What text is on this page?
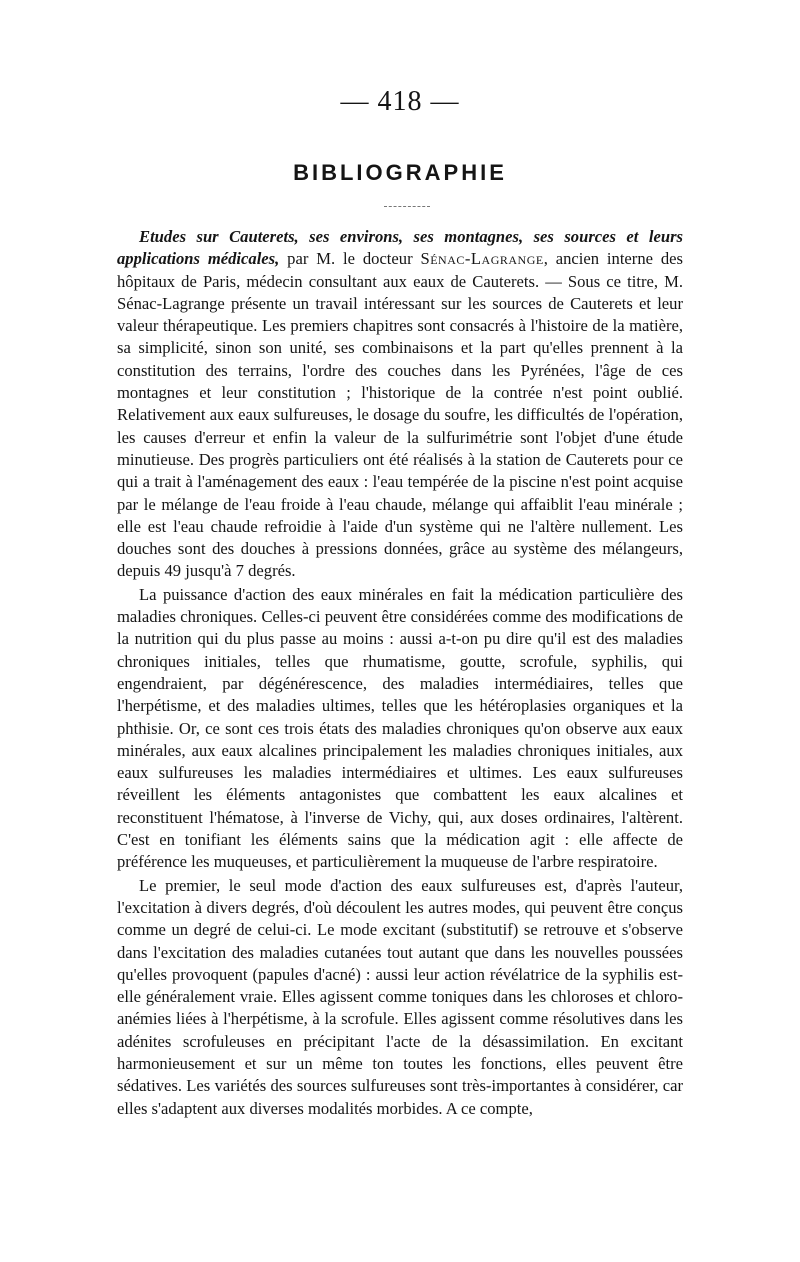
— 418 —
BIBLIOGRAPHIE

Etudes sur Cauterets, ses environs, ses montagnes, ses sources et leurs applications médicales, par M. le docteur Sénac-Lagrange, ancien interne des hôpitaux de Paris, médecin consultant aux eaux de Cauterets. — Sous ce titre, M. Sénac-Lagrange présente un travail intéressant sur les sources de Cauterets et leur valeur thérapeutique. Les premiers chapitres sont consacrés à l'histoire de la matière, sa simplicité, sinon son unité, ses combinaisons et la part qu'elles prennent à la constitution des terrains, l'ordre des couches dans les Pyrénées, l'âge de ces montagnes et leur constitution ; l'historique de la contrée n'est point oublié. Relativement aux eaux sulfureuses, le dosage du soufre, les difficultés de l'opération, les causes d'erreur et enfin la valeur de la sulfurimétrie sont l'objet d'une étude minutieuse. Des progrès particuliers ont été réalisés à la station de Cauterets pour ce qui a trait à l'aménagement des eaux : l'eau tempérée de la piscine n'est point acquise par le mélange de l'eau froide à l'eau chaude, mélange qui affaiblit l'eau minérale ; elle est l'eau chaude refroidie à l'aide d'un système qui ne l'altère nullement. Les douches sont des douches à pressions données, grâce au système des mélangeurs, depuis 49 jusqu'à 7 degrés.

La puissance d'action des eaux minérales en fait la médication particulière des maladies chroniques. Celles-ci peuvent être considérées comme des modifications de la nutrition qui du plus passe au moins : aussi a-t-on pu dire qu'il est des maladies chroniques initiales, telles que rhumatisme, goutte, scrofule, syphilis, qui engendraient, par dégénérescence, des maladies intermédiaires, telles que l'herpétisme, et des maladies ultimes, telles que les hétéroplasies organiques et la phthisie. Or, ce sont ces trois états des maladies chroniques qu'on observe aux eaux minérales, aux eaux alcalines principalement les maladies chroniques initiales, aux eaux sulfureuses les maladies intermédiaires et ultimes. Les eaux sulfureuses réveillent les éléments antagonistes que combattent les eaux alcalines et reconstituent l'hématose, à l'inverse de Vichy, qui, aux doses ordinaires, l'altèrent. C'est en tonifiant les éléments sains que la médication agit : elle affecte de préférence les muqueuses, et particulièrement la muqueuse de l'arbre respiratoire.

Le premier, le seul mode d'action des eaux sulfureuses est, d'après l'auteur, l'excitation à divers degrés, d'où découlent les autres modes, qui peuvent être conçus comme un degré de celui-ci. Le mode excitant (substitutif) se retrouve et s'observe dans l'excitation des maladies cutanées tout autant que dans les nouvelles poussées qu'elles provoquent (papules d'acné) : aussi leur action révélatrice de la syphilis est-elle généralement vraie. Elles agissent comme toniques dans les chloroses et chloro-anémies liées à l'herpétisme, à la scrofule. Elles agissent comme résolutives dans les adénites scrofuleuses en précipitant l'acte de la désassimilation. En excitant harmonieusement et sur un même ton toutes les fonctions, elles peuvent être sédatives. Les variétés des sources sulfureuses sont très-importantes à considérer, car elles s'adaptent aux diverses modalités morbides. A ce compte,
